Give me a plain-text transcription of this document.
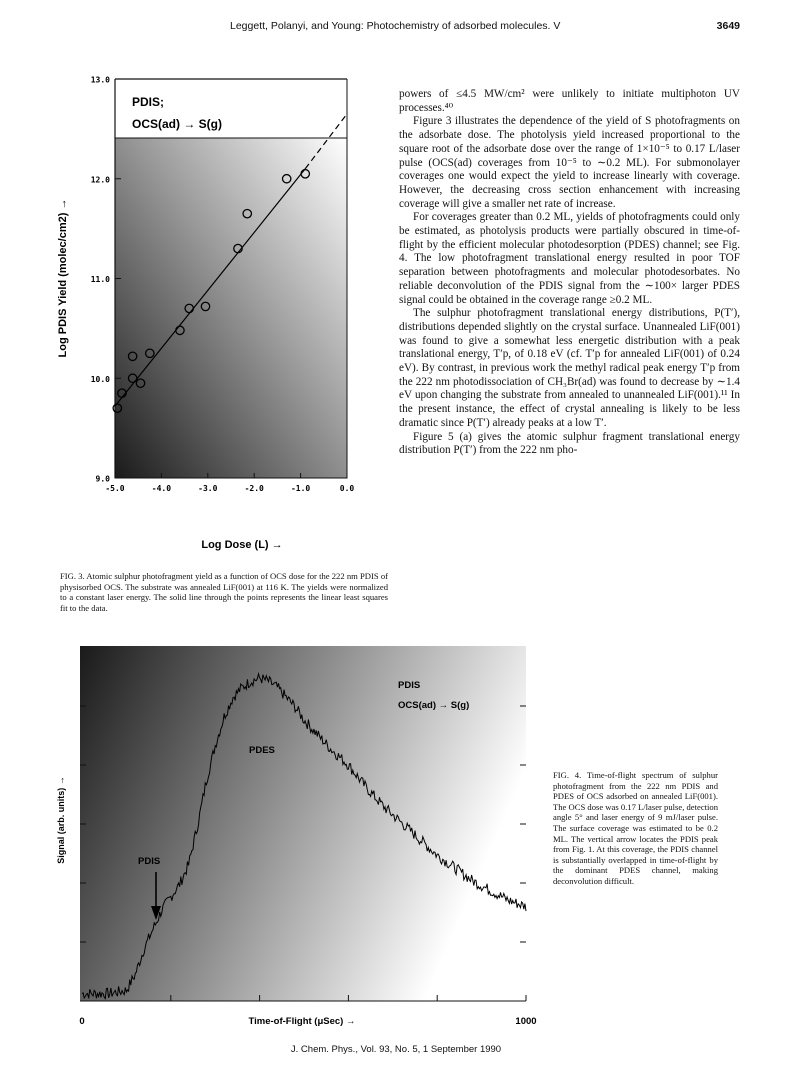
Leggett, Polanyi, and Young: Photochemistry of adsorbed molecules. V	3649
PDIS;
OCS(ad) → S(g)
13.0
12.0
11.0
10.0
9.0
-5.0	-4.0	-3.0	-2.0	-1.0	0.0
Log PDIS Yield (molec/cm2) →
Log Dose (L) →
FIG. 3. Atomic sulphur photofragment yield as a function of OCS dose for the 222 nm PDIS of physisorbed OCS. The substrate was annealed LiF(001) at 116 K. The yields were normalized to a constant laser energy. The solid line through the points represents the linear least squares fit to the data.

powers of ≤4.5 MW/cm² were unlikely to initiate multiphoton UV processes.⁴⁰

Figure 3 illustrates the dependence of the yield of S photofragments on the adsorbate dose. The photolysis yield increased proportional to the square root of the adsorbate dose over the range of 1×10⁻⁵ to 0.17 L/laser pulse (OCS(ad) coverages from 10⁻⁵ to ∼0.2 ML). For submonolayer coverages one would expect the yield to increase linearly with coverage. However, the decreasing cross section enhancement with increasing coverage will give a smaller net rate of increase.

For coverages greater than 0.2 ML, yields of photofragments could only be estimated, as photolysis products were partially obscured in time-of-flight by the efficient molecular photodesorption (PDES) channel; see Fig. 4. The low photofragment translational energy resulted in poor TOF separation between photofragments and molecular photodesorbates. No reliable deconvolution of the PDIS signal from the ∼100× larger PDES signal could be obtained in the coverage range ≥0.2 ML.

The sulphur photofragment translational energy distributions, P(T′), distributions depended slightly on the crystal surface. Unannealed LiF(001) was found to give a somewhat less energetic distribution with a peak translational energy, T′p, of 0.18 eV (cf. T′p for annealed LiF(001) of 0.24 eV). By contrast, in previous work the methyl radical peak energy T′p from the 222 nm photodissociation of CH₃Br(ad) was found to decrease by ∼1.4 eV upon changing the substrate from annealed to unannealed LiF(001).¹¹ In the present instance, the effect of crystal annealing is likely to be less dramatic since P(T′) already peaks at a low T′.

Figure 5 (a) gives the atomic sulphur fragment translational energy distribution P(T′) from the 222 nm pho-

PDIS
OCS(ad) → S(g)
PDES
PDIS
Signal (arb. units) →
0	1000
Time-of-Flight (μSec) →
FIG. 4. Time-of-flight spectrum of sulphur photofragment from the 222 nm PDIS and PDES of OCS adsorbed on annealed LiF(001). The OCS dose was 0.17 L/laser pulse, detection angle 5° and laser energy of 9 mJ/laser pulse. The surface coverage was estimated to be 0.2 ML. The vertical arrow locates the PDIS peak from Fig. 1. At this coverage, the PDIS channel is substantially overlapped in time-of-flight by the dominant PDES channel, making deconvolution difficult.
J. Chem. Phys., Vol. 93, No. 5, 1 September 1990
